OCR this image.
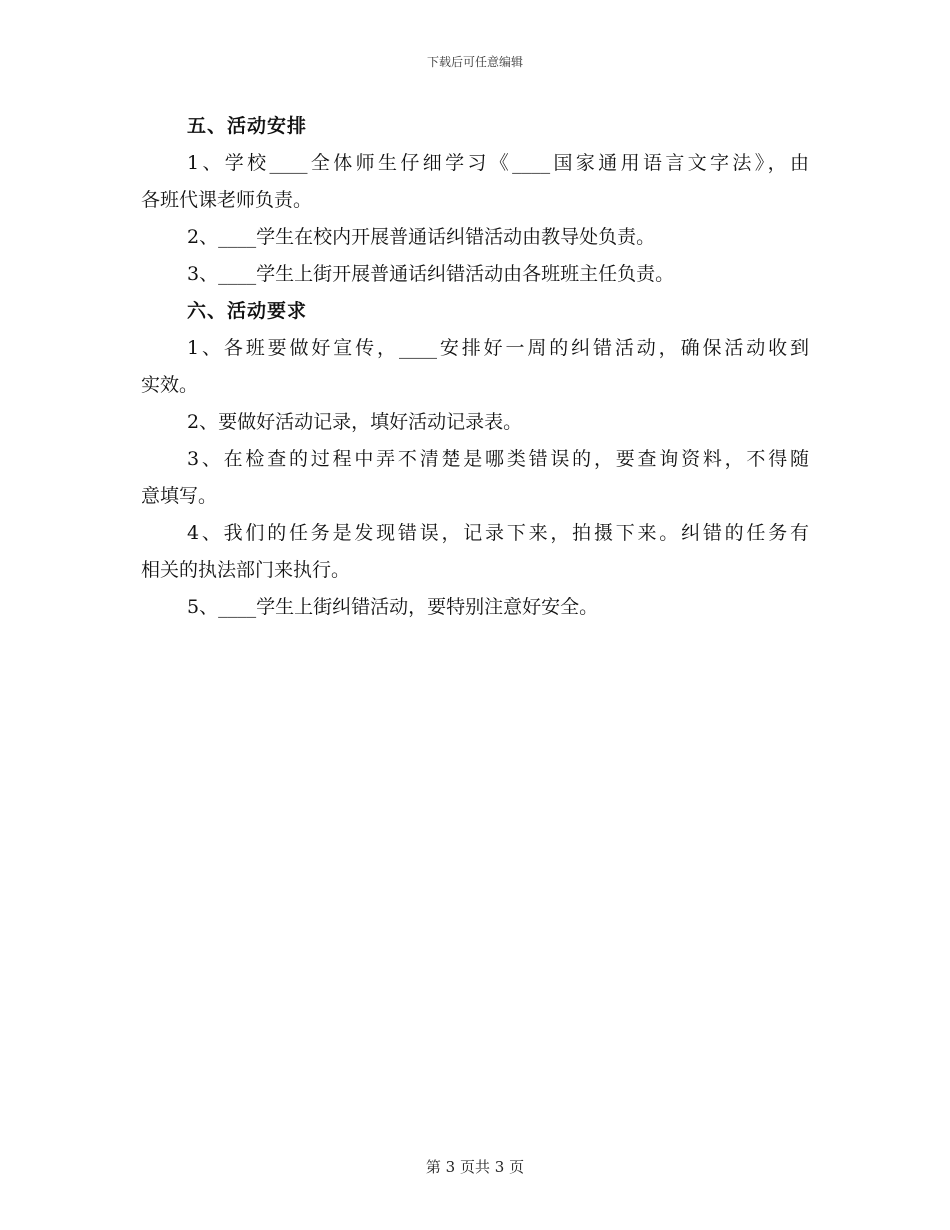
下载后可任意编辑
五、活动安排
1、学校____全体师生仔细学习《____国家通用语言文字法》，由
各班代课老师负责。
2、____学生在校内开展普通话纠错活动由教导处负责。
3、____学生上街开展普通话纠错活动由各班班主任负责。
六、活动要求
1、各班要做好宣传，____安排好一周的纠错活动，确保活动收到
实效。
2、要做好活动记录，填好活动记录表。
3、在检查的过程中弄不清楚是哪类错误的，要查询资料，不得随
意填写。
4、我们的任务是发现错误，记录下来，拍摄下来。纠错的任务有
相关的执法部门来执行。
5、____学生上街纠错活动，要特别注意好安全。
第 3 页共 3 页
